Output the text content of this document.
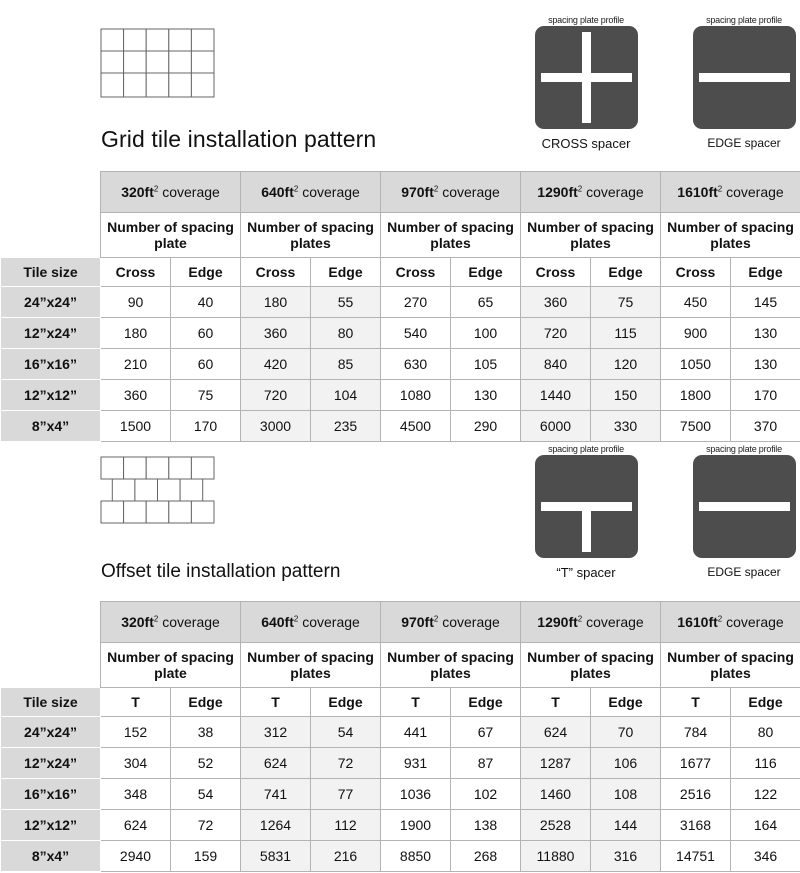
Grid tile installation pattern
spacing plate profile
CROSS spacer
spacing plate profile
EDGE spacer
	$320ft^2$ coverage		$640ft^2$ coverage		$970ft^2$ coverage		$1290ft^2$ coverage		$1610ft^2$ coverage	
	Number of spacing plate		Number of spacing plates		Number of spacing plates		Number of spacing plates		Number of spacing plates	
Tile size	Cross	Edge	Cross	Edge	Cross	Edge	Cross	Edge	Cross	Edge
24”x24”	90	40	180	55	270	65	360	75	450	145
12”x24”	180	60	360	80	540	100	720	115	900	130
16”x16”	210	60	420	85	630	105	840	120	1050	130
12”x12”	360	75	720	104	1080	130	1440	150	1800	170
8”x4”	1500	170	3000	235	4500	290	6000	330	7500	370
Offset tile installation pattern
spacing plate profile
“T” spacer
spacing plate profile
EDGE spacer
	$320ft^2$ coverage		$640ft^2$ coverage		$970ft^2$ coverage		$1290ft^2$ coverage		$1610ft^2$ coverage	
	Number of spacing plate		Number of spacing plates		Number of spacing plates		Number of spacing plates		Number of spacing plates	
Tile size	T	Edge	T	Edge	T	Edge	T	Edge	T	Edge
24”x24”	152	38	312	54	441	67	624	70	784	80
12”x24”	304	52	624	72	931	87	1287	106	1677	116
16”x16”	348	54	741	77	1036	102	1460	108	2516	122
12”x12”	624	72	1264	112	1900	138	2528	144	3168	164
8”x4”	2940	159	5831	216	8850	268	11880	316	14751	346
